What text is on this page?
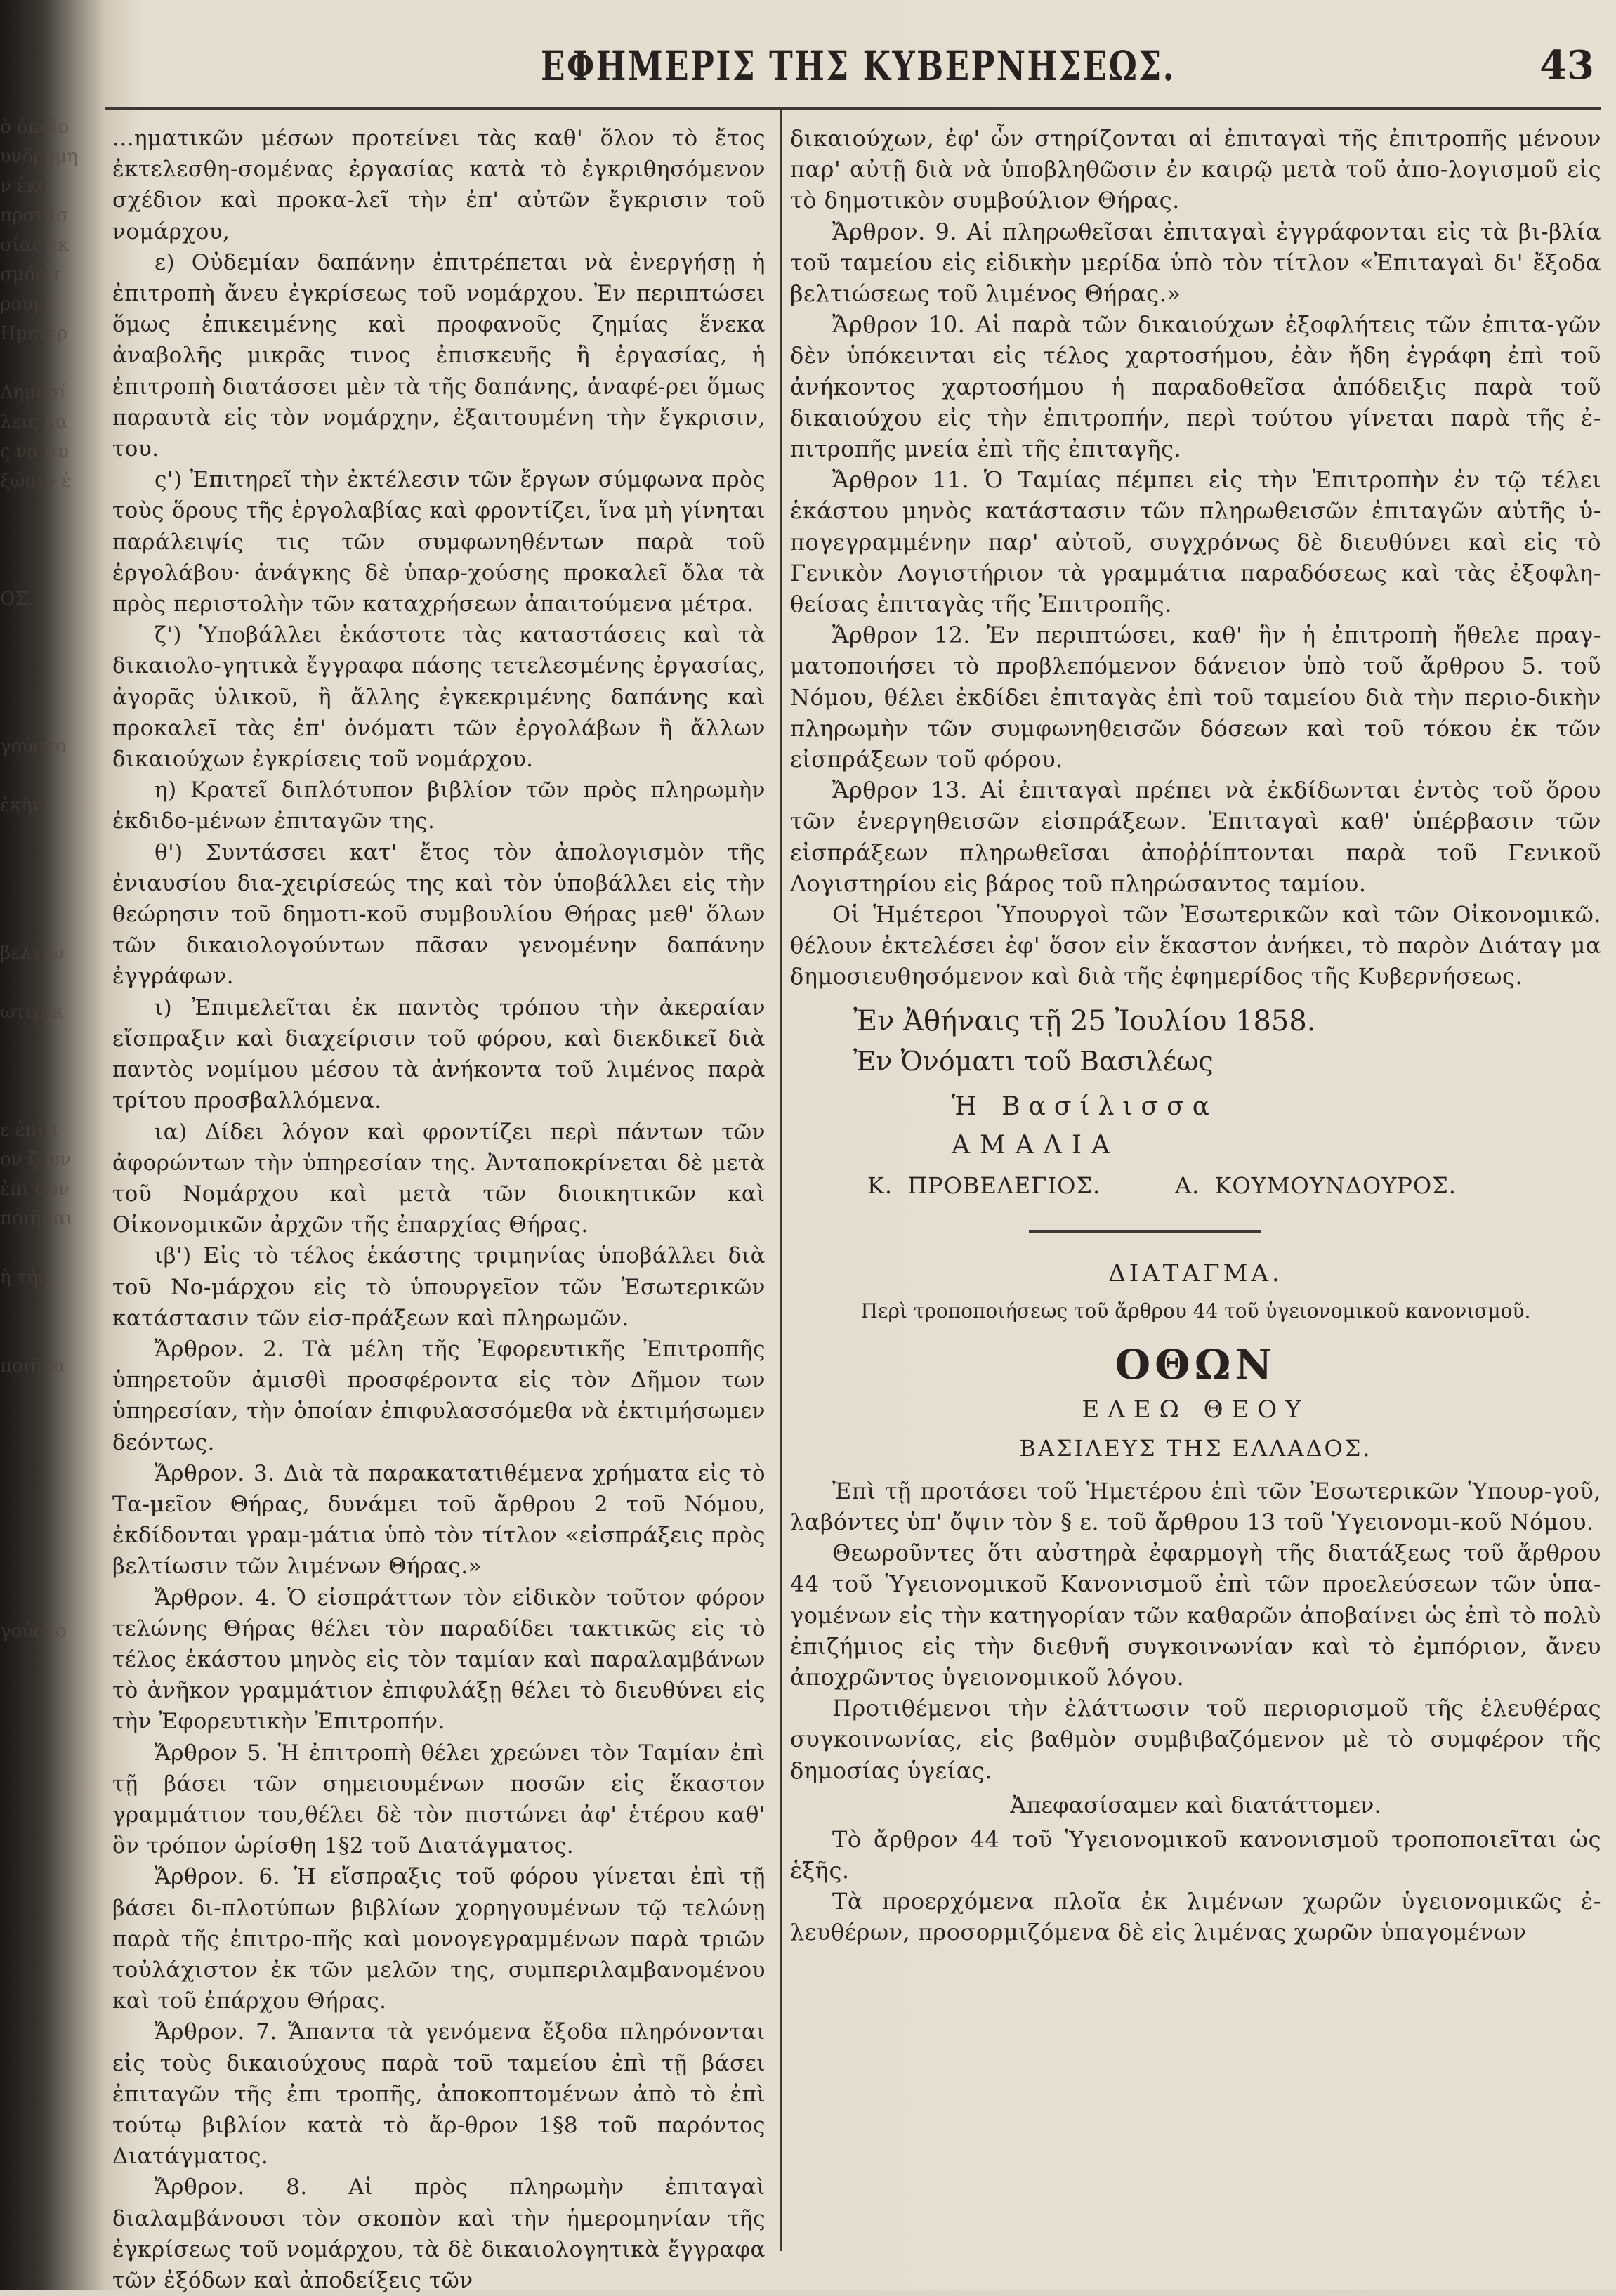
ὸ ὁποῖο
υνδρομη
ν ἐκδ
προτάσ
σίας ἐκ
σμός τ
ρουμέ
Ημετέρ

Δημοσί
λεις κα
ς να συ
ξώσιν ἐ

ΟΣ.

γούστο

ἐκὴν

βελτίω

ωτερικ

ε ἐπὶ τ
ον ζουν
ἐπὶ συν
ποιῆσαι

ὴ τής,

ποιῆσα

γούστο
ΕΦΗΜΕΡΙΣ ΤΗΣ ΚΥΒΕΡΝΗΣΕΩΣ.	43

...ηματικῶν μέσων προτείνει τὰς καθ' ὅλον τὸ ἔτος ἐκτελεσθη-σομένας ἐργασίας κατὰ τὸ ἐγκριθησόμενον σχέδιον καὶ προκα-λεῖ τὴν ἐπ' αὐτῶν ἔγκρισιν τοῦ νομάρχου,

ε) Οὐδεμίαν δαπάνην ἐπιτρέπεται νὰ ἐνεργήσῃ ἡ ἐπιτροπὴ ἄνευ ἐγκρίσεως τοῦ νομάρχου. Ἐν περιπτώσει ὅμως ἐπικειμένης καὶ προφανοῦς ζημίας ἕνεκα ἀναβολῆς μικρᾶς τινος ἐπισκευῆς ἢ ἐργασίας, ἡ ἐπιτροπὴ διατάσσει μὲν τὰ τῆς δαπάνης, ἀναφέ-ρει ὅμως παραυτὰ εἰς τὸν νομάρχην, ἐξαιτουμένη τὴν ἔγκρισιν, του.

ς') Ἐπιτηρεῖ τὴν ἐκτέλεσιν τῶν ἔργων σύμφωνα πρὸς τοὺς ὅρους τῆς ἐργολαβίας καὶ φροντίζει, ἵνα μὴ γίνηται παράλειψίς τις τῶν συμφωνηθέντων παρὰ τοῦ ἐργολάβου· ἀνάγκης δὲ ὑπαρ-χούσης προκαλεῖ ὅλα τὰ πρὸς περιστολὴν τῶν καταχρήσεων ἀπαιτούμενα μέτρα.

ζ') Ὑποβάλλει ἑκάστοτε τὰς καταστάσεις καὶ τὰ δικαιολο-γητικὰ ἔγγραφα πάσης τετελεσμένης ἐργασίας, ἀγορᾶς ὑλικοῦ, ἢ ἄλλης ἐγκεκριμένης δαπάνης καὶ προκαλεῖ τὰς ἐπ' ὀνόματι τῶν ἐργολάβων ἢ ἄλλων δικαιούχων ἐγκρίσεις τοῦ νομάρχου.

η) Κρατεῖ διπλότυπον βιβλίον τῶν πρὸς πληρωμὴν ἐκδιδο-μένων ἐπιταγῶν της.

θ') Συντάσσει κατ' ἔτος τὸν ἀπολογισμὸν τῆς ἐνιαυσίου δια-χειρίσεώς της καὶ τὸν ὑποβάλλει εἰς τὴν θεώρησιν τοῦ δημοτι-κοῦ συμβουλίου Θήρας μεθ' ὅλων τῶν δικαιολογούντων πᾶσαν γενομένην δαπάνην ἐγγράφων.

ι) Ἐπιμελεῖται ἐκ παντὸς τρόπου τὴν ἀκεραίαν εἴσπραξιν καὶ διαχείρισιν τοῦ φόρου, καὶ διεκδικεῖ διὰ παντὸς νομίμου μέσου τὰ ἀνήκοντα τοῦ λιμένος παρὰ τρίτου προσβαλλόμενα.

ια) Δίδει λόγον καὶ φροντίζει περὶ πάντων τῶν ἀφορώντων τὴν ὑπηρεσίαν της. Ἀνταποκρίνεται δὲ μετὰ τοῦ Νομάρχου καὶ μετὰ τῶν διοικητικῶν καὶ Οἰκονομικῶν ἀρχῶν τῆς ἐπαρχίας Θήρας.

ιβ') Εἰς τὸ τέλος ἑκάστης τριμηνίας ὑποβάλλει διὰ τοῦ Νο-μάρχου εἰς τὸ ὑπουργεῖον τῶν Ἐσωτερικῶν κατάστασιν τῶν εἰσ-πράξεων καὶ πληρωμῶν.

Ἄρθρον. 2. Τὰ μέλη τῆς Ἐφορευτικῆς Ἐπιτροπῆς ὑπηρετοῦν ἀμισθὶ προσφέροντα εἰς τὸν Δῆμον των ὑπηρεσίαν, τὴν ὁποίαν ἐπιφυλασσόμεθα νὰ ἐκτιμήσωμεν δεόντως.

Ἄρθρον. 3. Διὰ τὰ παρακατατιθέμενα χρήματα εἰς τὸ Τα-μεῖον Θήρας, δυνάμει τοῦ ἄρθρου 2 τοῦ Νόμου, ἐκδίδονται γραμ-μάτια ὑπὸ τὸν τίτλον «εἰσπράξεις πρὸς βελτίωσιν τῶν λιμένων Θήρας.»

Ἄρθρον. 4. Ὁ εἰσπράττων τὸν εἰδικὸν τοῦτον φόρον τελώνης Θήρας θέλει τὸν παραδίδει τακτικῶς εἰς τὸ τέλος ἑκάστου μηνὸς εἰς τὸν ταμίαν καὶ παραλαμβάνων τὸ ἀνῆκον γραμμάτιον ἐπιφυλάξῃ θέλει τὸ διευθύνει εἰς τὴν Ἐφορευτικὴν Ἐπιτροπήν.

Ἄρθρον 5. Ἡ ἐπιτροπὴ θέλει χρεώνει τὸν Ταμίαν ἐπὶ τῇ βάσει τῶν σημειουμένων ποσῶν εἰς ἕκαστον γραμμάτιον του,θέλει δὲ τὸν πιστώνει ἀφ' ἑτέρου καθ' ὃν τρόπον ὡρίσθη 1§2 τοῦ Διατάγματος.

Ἄρθρον. 6. Ἡ εἴσπραξις τοῦ φόρου γίνεται ἐπὶ τῇ βάσει δι-πλοτύπων βιβλίων χορηγουμένων τῷ τελώνῃ παρὰ τῆς ἐπιτρο-πῆς καὶ μονογεγραμμένων παρὰ τριῶν τοὐλάχιστον ἐκ τῶν μελῶν της, συμπεριλαμβανομένου καὶ τοῦ ἐπάρχου Θήρας.

Ἄρθρον. 7. Ἅπαντα τὰ γενόμενα ἔξοδα πληρόνονται εἰς τοὺς δικαιούχους παρὰ τοῦ ταμείου ἐπὶ τῇ βάσει ἐπιταγῶν τῆς ἐπι τροπῆς, ἀποκοπτομένων ἀπὸ τὸ ἐπὶ τούτῳ βιβλίον κατὰ τὸ ἄρ-θρον 1§8 τοῦ παρόντος Διατάγματος.

Ἄρθρον. 8. Αἱ πρὸς πληρωμὴν ἐπιταγαὶ διαλαμβάνουσι τὸν σκοπὸν καὶ τὴν ἡμερομηνίαν τῆς ἐγκρίσεως τοῦ νομάρχου, τὰ δὲ δικαιολογητικὰ ἔγγραφα τῶν ἐξόδων καὶ ἀποδείξεις τῶν

δικαιούχων, ἐφ' ὧν στηρίζονται αἱ ἐπιταγαὶ τῆς ἐπιτροπῆς μένουν παρ' αὐτῇ διὰ νὰ ὑποβληθῶσιν ἐν καιρῷ μετὰ τοῦ ἀπο-λογισμοῦ εἰς τὸ δημοτικὸν συμβούλιον Θήρας.

Ἄρθρον. 9. Αἱ πληρωθεῖσαι ἐπιταγαὶ ἐγγράφονται εἰς τὰ βι-βλία τοῦ ταμείου εἰς εἰδικὴν μερίδα ὑπὸ τὸν τίτλον «Ἐπιταγαὶ δι' ἔξοδα βελτιώσεως τοῦ λιμένος Θήρας.»

Ἄρθρον 10. Αἱ παρὰ τῶν δικαιούχων ἐξοφλήτεις τῶν ἐπιτα-γῶν δὲν ὑπόκεινται εἰς τέλος χαρτοσήμου, ἐὰν ἤδη ἐγράφη ἐπὶ τοῦ ἀνήκοντος χαρτοσήμου ἡ παραδοθεῖσα ἀπόδειξις παρὰ τοῦ δικαιούχου εἰς τὴν ἐπιτροπήν, περὶ τούτου γίνεται παρὰ τῆς ἐ-πιτροπῆς μνεία ἐπὶ τῆς ἐπιταγῆς.

Ἄρθρον 11. Ὁ Ταμίας πέμπει εἰς τὴν Ἐπιτροπὴν ἐν τῷ τέλει ἑκάστου μηνὸς κατάστασιν τῶν πληρωθεισῶν ἐπιταγῶν αὐτῆς ὑ-πογεγραμμένην παρ' αὐτοῦ, συγχρόνως δὲ διευθύνει καὶ εἰς τὸ Γενικὸν Λογιστήριον τὰ γραμμάτια παραδόσεως καὶ τὰς ἐξοφλη-θείσας ἐπιταγὰς τῆς Ἐπιτροπῆς.

Ἄρθρον 12. Ἐν περιπτώσει, καθ' ἣν ἡ ἐπιτροπὴ ἤθελε πραγ-ματοποιήσει τὸ προβλεπόμενον δάνειον ὑπὸ τοῦ ἄρθρου 5. τοῦ Νόμου, θέλει ἐκδίδει ἐπιταγὰς ἐπὶ τοῦ ταμείου διὰ τὴν περιο-δικὴν πληρωμὴν τῶν συμφωνηθεισῶν δόσεων καὶ τοῦ τόκου ἐκ τῶν εἰσπράξεων τοῦ φόρου.

Ἄρθρον 13. Αἱ ἐπιταγαὶ πρέπει νὰ ἐκδίδωνται ἐντὸς τοῦ ὅρου τῶν ἐνεργηθεισῶν εἰσπράξεων. Ἐπιταγαὶ καθ' ὑπέρβασιν τῶν εἰσπράξεων πληρωθεῖσαι ἀποῤῥίπτονται παρὰ τοῦ Γενικοῦ Λογιστηρίου εἰς βάρος τοῦ πληρώσαντος ταμίου.

Οἱ Ἡμέτεροι Ὑπουργοὶ τῶν Ἐσωτερικῶν καὶ τῶν Οἰκονομικῶ. θέλουν ἐκτελέσει ἐφ' ὅσον εἰν ἕκαστον ἀνήκει, τὸ παρὸν Διάταγ μα δημοσιευθησόμενον καὶ διὰ τῆς ἐφημερίδος τῆς Κυβερνήσεως.

Ἐν Ἀθήναις τῇ 25 Ἰουλίου 1858.
Ἐν Ὀνόματι τοῦ Βασιλέως
Ἡ Βασίλισσα
ΑΜΑΛΙΑ
Κ. ΠΡΟΒΕΛΕΓΙΟΣ.	Α. ΚΟΥΜΟΥΝΔΟΥΡΟΣ.
ΔΙΑΤΑΓΜΑ.
Περὶ τροποποιήσεως τοῦ ἄρθρου 44 τοῦ ὑγειονομικοῦ κανονισμοῦ.
ΟΘΩΝ
ΕΛΕΩ ΘΕΟΥ
ΒΑΣΙΛΕΥΣ ΤΗΣ ΕΛΛΑΔΟΣ.

Ἐπὶ τῇ προτάσει τοῦ Ἡμετέρου ἐπὶ τῶν Ἐσωτερικῶν Ὑπουρ-γοῦ, λαβόντες ὑπ' ὄψιν τὸν § ε. τοῦ ἄρθρου 13 τοῦ Ὑγειονομι-κοῦ Νόμου.

Θεωροῦντες ὅτι αὐστηρὰ ἐφαρμογὴ τῆς διατάξεως τοῦ ἄρθρου 44 τοῦ Ὑγειονομικοῦ Κανονισμοῦ ἐπὶ τῶν προελεύσεων τῶν ὑπα-γομένων εἰς τὴν κατηγορίαν τῶν καθαρῶν ἀποβαίνει ὡς ἐπὶ τὸ πολὺ ἐπιζήμιος εἰς τὴν διεθνῆ συγκοινωνίαν καὶ τὸ ἐμπόριον, ἄνευ ἀποχρῶντος ὑγειονομικοῦ λόγου.

Προτιθέμενοι τὴν ἐλάττωσιν τοῦ περιορισμοῦ τῆς ἐλευθέρας συγκοινωνίας, εἰς βαθμὸν συμβιβαζόμενον μὲ τὸ συμφέρον τῆς δημοσίας ὑγείας.

Ἀπεφασίσαμεν καὶ διατάττομεν.

Τὸ ἄρθρον 44 τοῦ Ὑγειονομικοῦ κανονισμοῦ τροποποιεῖται ὡς ἑξῆς.

Τὰ προερχόμενα πλοῖα ἐκ λιμένων χωρῶν ὑγειονομικῶς ἐ-λευθέρων, προσορμιζόμενα δὲ εἰς λιμένας χωρῶν ὑπαγομένων
